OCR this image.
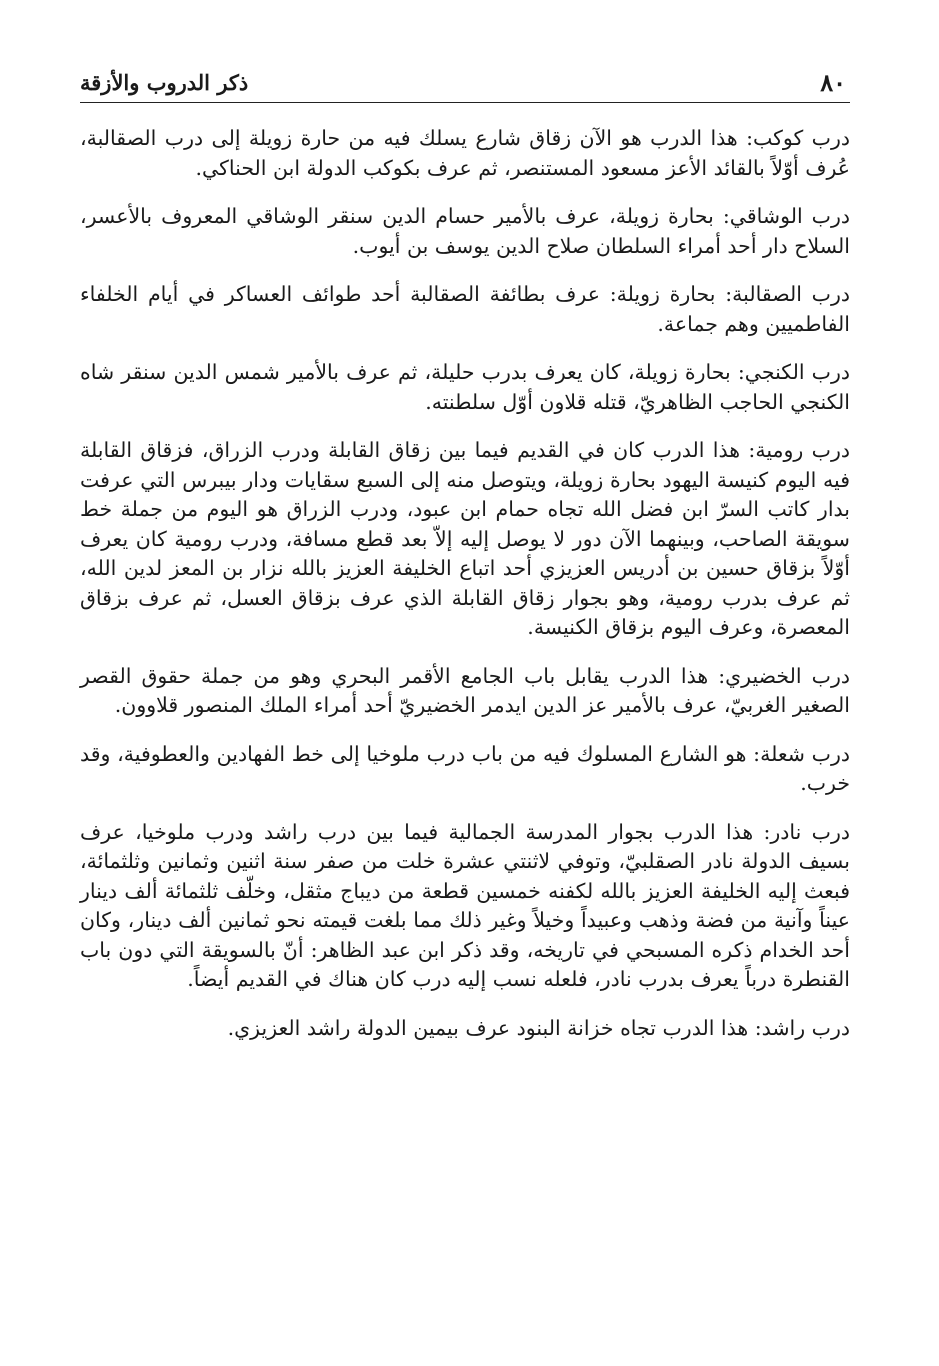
٨٠
ذكر الدروب والأزقة

درب كوكب: هذا الدرب هو الآن زقاق شارع يسلك فيه من حارة زويلة إلى درب الصقالبة، عُرف أوّلاً بالقائد الأعز مسعود المستنصر، ثم عرف بكوكب الدولة ابن الحناكي.

درب الوشاقي: بحارة زويلة، عرف بالأمير حسام الدين سنقر الوشاقي المعروف بالأعسر، السلاح دار أحد أمراء السلطان صلاح الدين يوسف بن أيوب.

درب الصقالبة: بحارة زويلة: عرف بطائفة الصقالبة أحد طوائف العساكر في أيام الخلفاء الفاطميين وهم جماعة.

درب الكنجي: بحارة زويلة، كان يعرف بدرب حليلة، ثم عرف بالأمير شمس الدين سنقر شاه الكنجي الحاجب الظاهريّ، قتله قلاون أوّل سلطنته.

درب رومية: هذا الدرب كان في القديم فيما بين زقاق القابلة ودرب الزراق، فزقاق القابلة فيه اليوم كنيسة اليهود بحارة زويلة، ويتوصل منه إلى السبع سقايات ودار بيبرس التي عرفت بدار كاتب السرّ ابن فضل الله تجاه حمام ابن عبود، ودرب الزراق هو اليوم من جملة خط سويقة الصاحب، وبينهما الآن دور لا يوصل إليه إلاّ بعد قطع مسافة، ودرب رومية كان يعرف أوّلاً بزقاق حسين بن أدريس العزيزي أحد اتباع الخليفة العزيز بالله نزار بن المعز لدين الله، ثم عرف بدرب رومية، وهو بجوار زقاق القابلة الذي عرف بزقاق العسل، ثم عرف بزقاق المعصرة، وعرف اليوم بزقاق الكنيسة.

درب الخضيري: هذا الدرب يقابل باب الجامع الأقمر البحري وهو من جملة حقوق القصر الصغير الغربيّ، عرف بالأمير عز الدين ايدمر الخضيريّ أحد أمراء الملك المنصور قلاوون.

درب شعلة: هو الشارع المسلوك فيه من باب درب ملوخيا إلى خط الفهادين والعطوفية، وقد خرب.

درب نادر: هذا الدرب بجوار المدرسة الجمالية فيما بين درب راشد ودرب ملوخيا، عرف بسيف الدولة نادر الصقلبيّ، وتوفي لاثنتي عشرة خلت من صفر سنة اثنين وثمانين وثلثمائة، فبعث إليه الخليفة العزيز بالله لكفنه خمسين قطعة من ديباج مثقل، وخلّف ثلثمائة ألف دينار عيناً وآنية من فضة وذهب وعبيداً وخيلاً وغير ذلك مما بلغت قيمته نحو ثمانين ألف دينار، وكان أحد الخدام ذكره المسبحي في تاريخه، وقد ذكر ابن عبد الظاهر: أنّ بالسويقة التي دون باب القنطرة درباً يعرف بدرب نادر، فلعله نسب إليه درب كان هناك في القديم أيضاً.

درب راشد: هذا الدرب تجاه خزانة البنود عرف بيمين الدولة راشد العزيزي.
